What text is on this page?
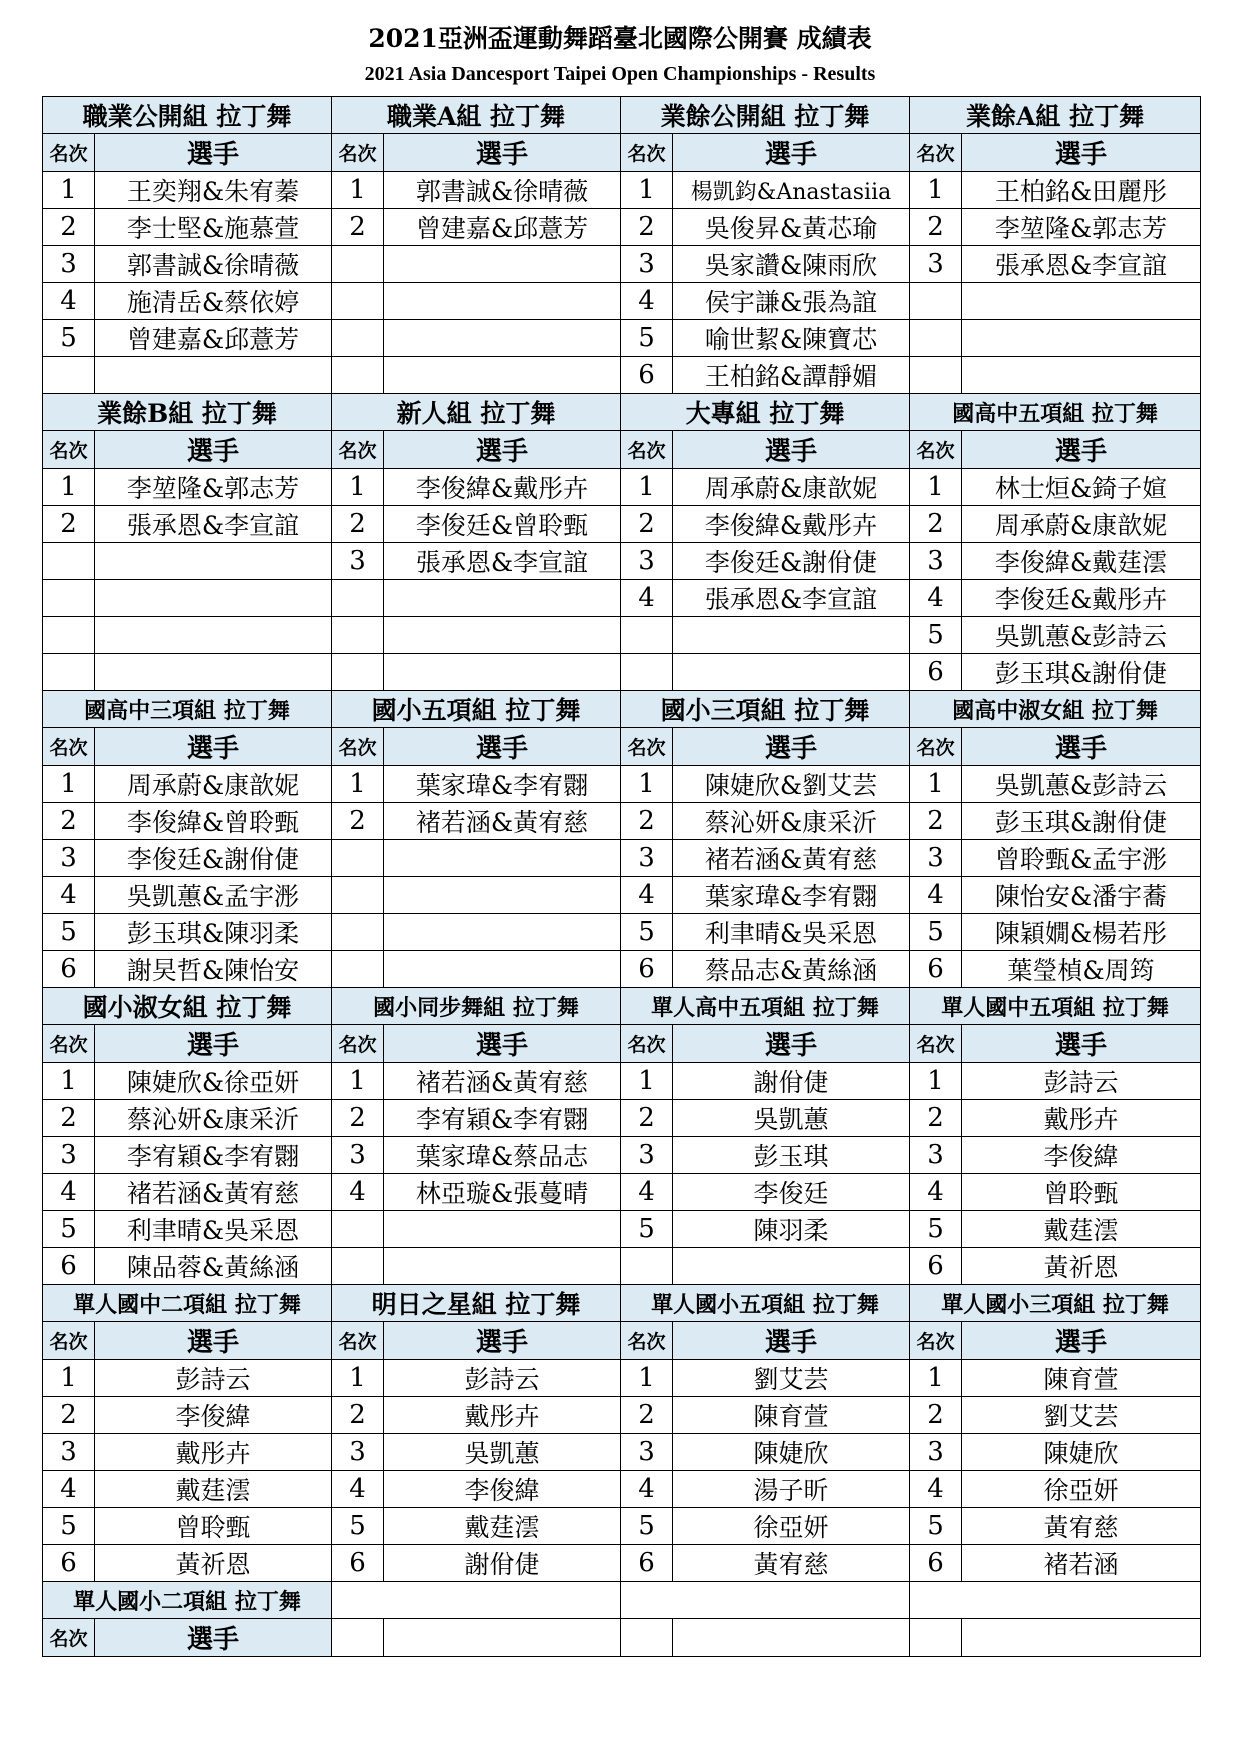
2021亞洲盃運動舞蹈臺北國際公開賽 成績表
2021 Asia Dancesport Taipei Open Championships - Results
職業公開組 拉丁舞		職業A組 拉丁舞		業餘公開組 拉丁舞		業餘A組 拉丁舞	
名次	選手	名次	選手	名次	選手	名次	選手
1	王奕翔&朱宥蓁	1	郭書誠&徐晴薇	1	楊凱鈞&Anastasiia	1	王柏銘&田麗彤
2	李士堅&施慕萱	2	曾建嘉&邱薏芳	2	吳俊昇&黃芯瑜	2	李堃隆&郭志芳
3	郭書誠&徐晴薇			3	吳家讚&陳雨欣	3	張承恩&李宣誼
4	施清岳&蔡依婷			4	侯宇謙&張為誼		
5	曾建嘉&邱薏芳			5	喻世絜&陳寶芯		
				6	王柏銘&譚靜媚		
業餘B組 拉丁舞		新人組 拉丁舞		大專組 拉丁舞		國高中五項組 拉丁舞	
名次	選手	名次	選手	名次	選手	名次	選手
1	李堃隆&郭志芳	1	李俊緯&戴彤卉	1	周承蔚&康歆妮	1	林士烜&錡子媗
2	張承恩&李宣誼	2	李俊廷&曾聆甄	2	李俊緯&戴彤卉	2	周承蔚&康歆妮
		3	張承恩&李宣誼	3	李俊廷&謝佾倢	3	李俊緯&戴莛澐
				4	張承恩&李宣誼	4	李俊廷&戴彤卉
						5	吳凱蕙&彭詩云
						6	彭玉琪&謝佾倢
國高中三項組 拉丁舞		國小五項組 拉丁舞		國小三項組 拉丁舞		國高中淑女組 拉丁舞	
名次	選手	名次	選手	名次	選手	名次	選手
1	周承蔚&康歆妮	1	葉家瑋&李宥翾	1	陳婕欣&劉艾芸	1	吳凱蕙&彭詩云
2	李俊緯&曾聆甄	2	褚若涵&黃宥慈	2	蔡沁妍&康采沂	2	彭玉琪&謝佾倢
3	李俊廷&謝佾倢			3	褚若涵&黃宥慈	3	曾聆甄&孟宇浵
4	吳凱蕙&孟宇浵			4	葉家瑋&李宥翾	4	陳怡安&潘宇蕎
5	彭玉琪&陳羽柔			5	利聿晴&吳采恩	5	陳穎嫺&楊若彤
6	謝旲哲&陳怡安			6	蔡品志&黃絲涵	6	葉瑩楨&周筠
國小淑女組 拉丁舞		國小同步舞組 拉丁舞		單人高中五項組 拉丁舞		單人國中五項組 拉丁舞	
名次	選手	名次	選手	名次	選手	名次	選手
1	陳婕欣&徐亞妍	1	褚若涵&黃宥慈	1	謝佾倢	1	彭詩云
2	蔡沁妍&康采沂	2	李宥穎&李宥翾	2	吳凱蕙	2	戴彤卉
3	李宥穎&李宥翾	3	葉家瑋&蔡品志	3	彭玉琪	3	李俊緯
4	褚若涵&黃宥慈	4	林亞璇&張蔓晴	4	李俊廷	4	曾聆甄
5	利聿晴&吳采恩			5	陳羽柔	5	戴莛澐
6	陳品蓉&黃絲涵					6	黃祈恩
單人國中二項組 拉丁舞		明日之星組 拉丁舞		單人國小五項組 拉丁舞		單人國小三項組 拉丁舞	
名次	選手	名次	選手	名次	選手	名次	選手
1	彭詩云	1	彭詩云	1	劉艾芸	1	陳育萱
2	李俊緯	2	戴彤卉	2	陳育萱	2	劉艾芸
3	戴彤卉	3	吳凱蕙	3	陳婕欣	3	陳婕欣
4	戴莛澐	4	李俊緯	4	湯子昕	4	徐亞妍
5	曾聆甄	5	戴莛澐	5	徐亞妍	5	黃宥慈
6	黃祈恩	6	謝佾倢	6	黃宥慈	6	褚若涵
單人國小二項組 拉丁舞							
名次	選手						
